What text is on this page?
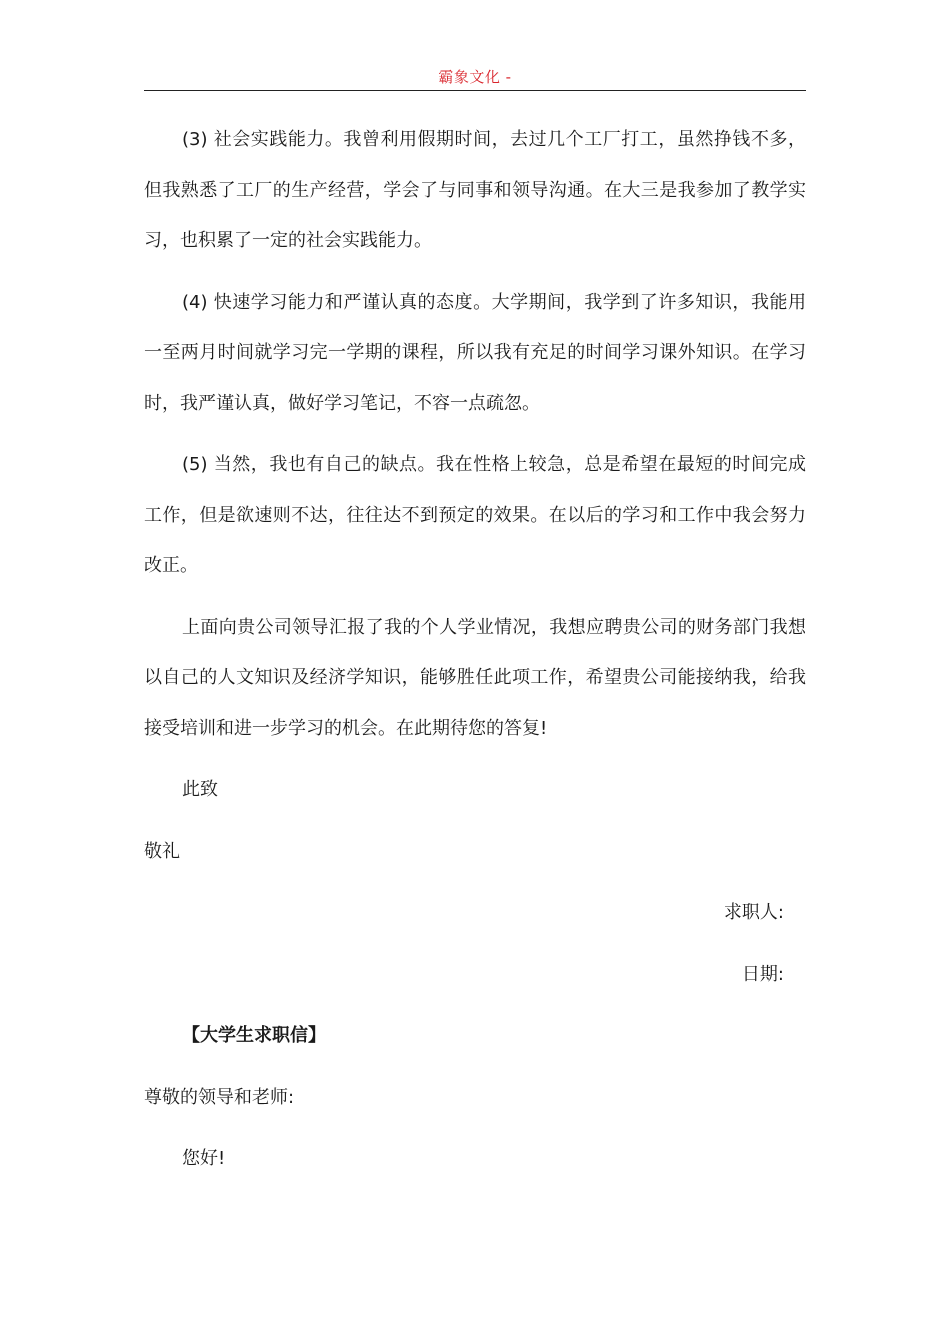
霸象文化 -

(3) 社会实践能力。我曾利用假期时间，去过几个工厂打工，虽然挣钱不多，但我熟悉了工厂的生产经营，学会了与同事和领导沟通。在大三是我参加了教学实习，也积累了一定的社会实践能力。

(4) 快速学习能力和严谨认真的态度。大学期间，我学到了许多知识，我能用一至两月时间就学习完一学期的课程，所以我有充足的时间学习课外知识。在学习时，我严谨认真，做好学习笔记，不容一点疏忽。

(5) 当然，我也有自己的缺点。我在性格上较急，总是希望在最短的时间完成工作，但是欲速则不达，往往达不到预定的效果。在以后的学习和工作中我会努力改正。

上面向贵公司领导汇报了我的个人学业情况，我想应聘贵公司的财务部门我想以自己的人文知识及经济学知识，能够胜任此项工作，希望贵公司能接纳我，给我接受培训和进一步学习的机会。在此期待您的答复!

此致

敬礼

求职人:

日期:

【大学生求职信】

尊敬的领导和老师:

您好!
